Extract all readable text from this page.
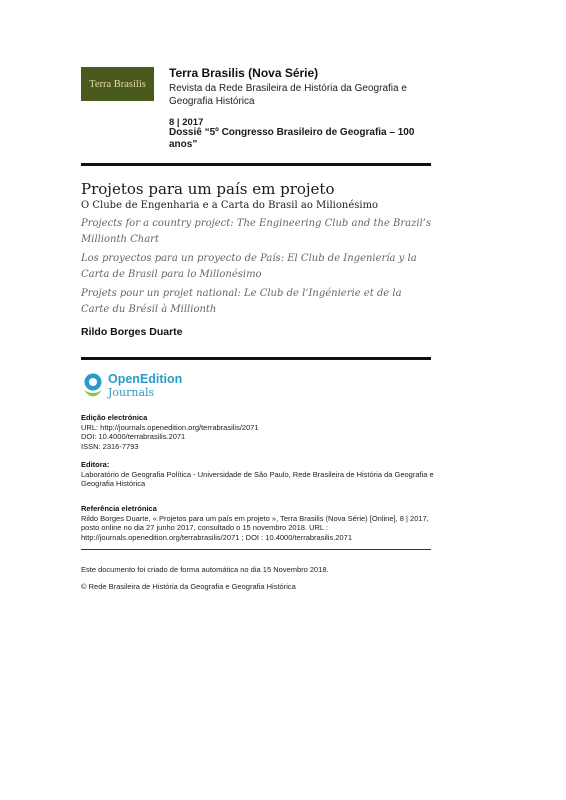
Terra Brasilis
Terra Brasilis (Nova Série)
Revista da Rede Brasileira de História da Geografia e Geografia Histórica
8 | 2017
Dossiê “5º Congresso Brasileiro de Geografia – 100 anos”
Projetos para um país em projeto
O Clube de Engenharia e a Carta do Brasil ao Milionésimo
Projects for a country project: The Engineering Club and the Brazil’s Millionth Chart
Los proyectos para un proyecto de País: El Club de Ingeniería y la Carta de Brasil para lo Millonésimo
Projets pour un projet national: Le Club de l’Ingénierie et de la Carte du Brésil à Millionth
Rildo Borges Duarte
OpenEdition
Journals
Edição electrónica
URL: http://journals.openedition.org/terrabrasilis/2071
DOI: 10.4000/terrabrasilis.2071
ISSN: 2316-7793
Editora:
Laboratório de Geografia Política - Universidade de São Paulo, Rede Brasileira de História da Geografia e Geografia Histórica
Referência eletrónica
Rildo Borges Duarte, « Projetos para um país em projeto », Terra Brasilis (Nova Série) [Online], 8 | 2017, posto online no dia 27 junho 2017, consultado o 15 novembro 2018. URL : http://journals.openedition.org/terrabrasilis/2071 ; DOI : 10.4000/terrabrasilis.2071
Este documento foi criado de forma automática no dia 15 Novembro 2018.
© Rede Brasileira de História da Geografia e Geografia Histórica
